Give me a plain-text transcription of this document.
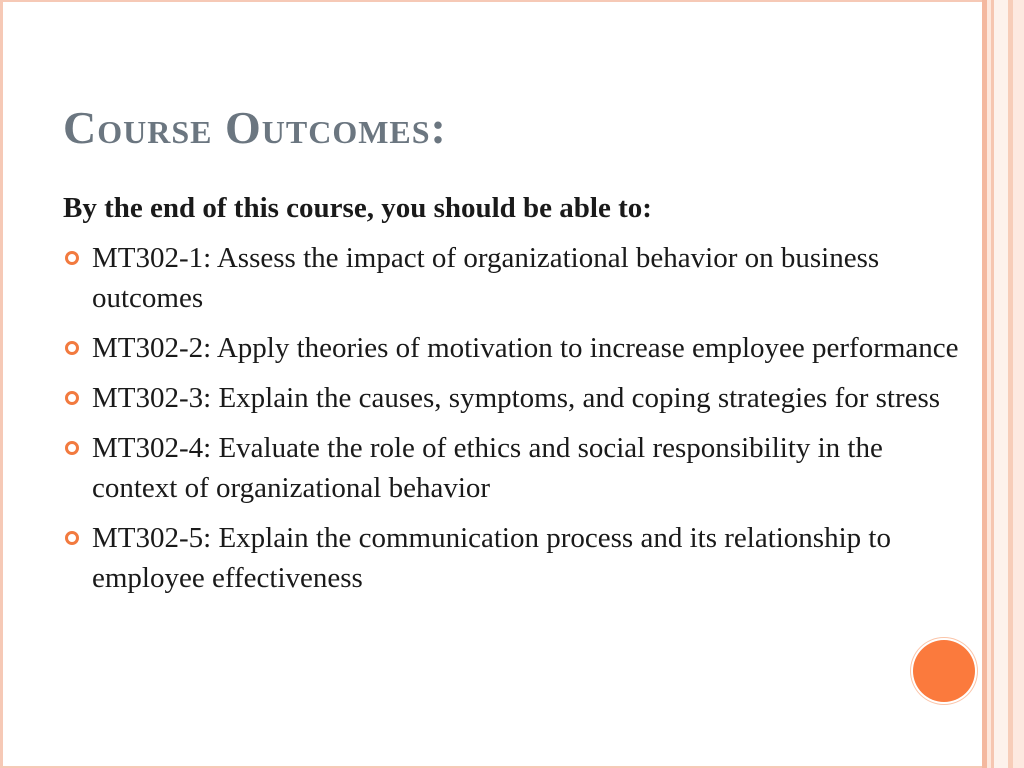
Course Outcomes:

By the end of this course, you should be able to:

MT302-1: Assess the impact of organizational behavior on business outcomes
MT302-2: Apply theories of motivation to increase employee performance
MT302-3: Explain the causes, symptoms, and coping strategies for stress
MT302-4: Evaluate the role of ethics and social responsibility in the context of organizational behavior
MT302-5: Explain the communication process and its relationship to employee effectiveness
